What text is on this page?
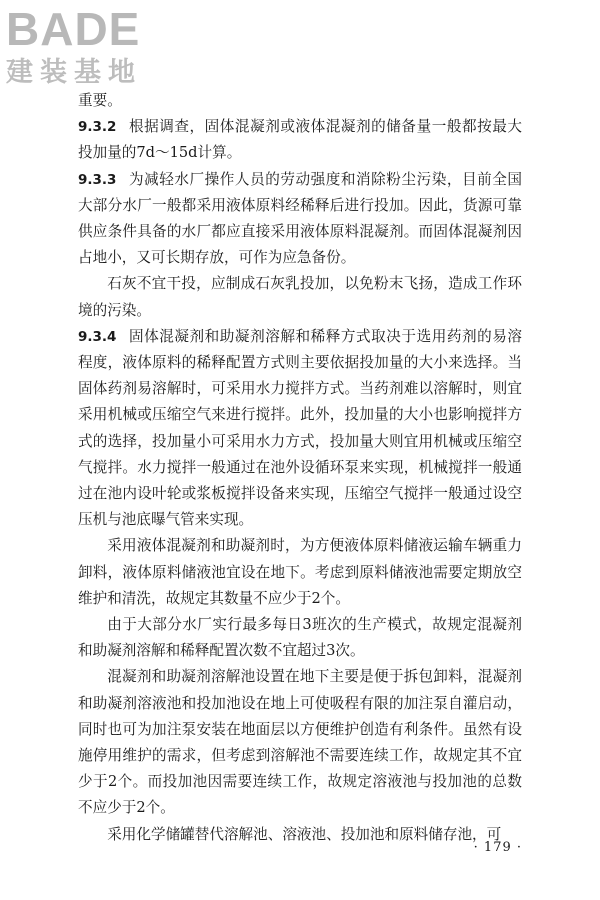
BADE
建装基地

重要。

9.3.2 根据调查，固体混凝剂或液体混凝剂的储备量一般都按最大投加量的7d～15d计算。

9.3.3 为减轻水厂操作人员的劳动强度和消除粉尘污染，目前全国大部分水厂一般都采用液体原料经稀释后进行投加。因此，货源可靠供应条件具备的水厂都应直接采用液体原料混凝剂。而固体混凝剂因占地小，又可长期存放，可作为应急备份。

石灰不宜干投，应制成石灰乳投加，以免粉末飞扬，造成工作环境的污染。

9.3.4 固体混凝剂和助凝剂溶解和稀释方式取决于选用药剂的易溶程度，液体原料的稀释配置方式则主要依据投加量的大小来选择。当固体药剂易溶解时，可采用水力搅拌方式。当药剂难以溶解时，则宜采用机械或压缩空气来进行搅拌。此外，投加量的大小也影响搅拌方式的选择，投加量小可采用水力方式，投加量大则宜用机械或压缩空气搅拌。水力搅拌一般通过在池外设循环泵来实现，机械搅拌一般通过在池内设叶轮或浆板搅拌设备来实现，压缩空气搅拌一般通过设空压机与池底曝气管来实现。

采用液体混凝剂和助凝剂时，为方便液体原料储液运输车辆重力卸料，液体原料储液池宜设在地下。考虑到原料储液池需要定期放空维护和清洗，故规定其数量不应少于2个。

由于大部分水厂实行最多每日3班次的生产模式，故规定混凝剂和助凝剂溶解和稀释配置次数不宜超过3次。

混凝剂和助凝剂溶解池设置在地下主要是便于拆包卸料，混凝剂和助凝剂溶液池和投加池设在地上可使吸程有限的加注泵自灌启动，同时也可为加注泵安装在地面层以方便维护创造有利条件。虽然有设施停用维护的需求，但考虑到溶解池不需要连续工作，故规定其不宜少于2个。而投加池因需要连续工作，故规定溶液池与投加池的总数不应少于2个。

采用化学储罐替代溶解池、溶液池、投加池和原料储存池，可

· 179 ·
